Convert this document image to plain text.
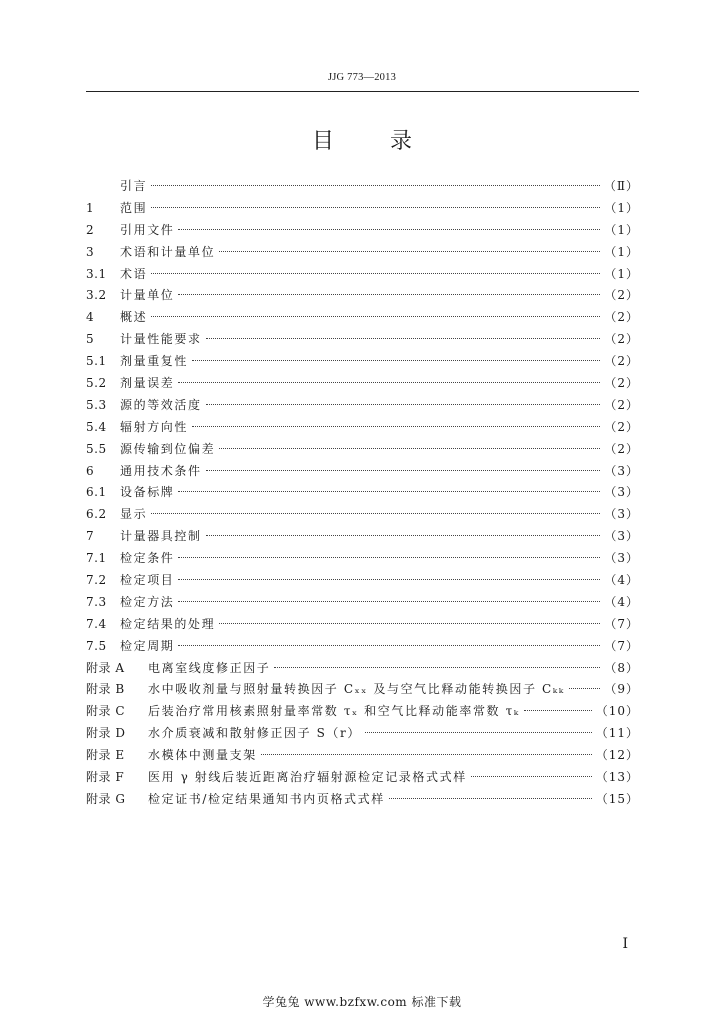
JJG 773—2013
目录
引言	（Ⅱ）
1	范围	（1）
2	引用文件	（1）
3	术语和计量单位	（1）
3.1	术语	（1）
3.2	计量单位	（2）
4	概述	（2）
5	计量性能要求	（2）
5.1	剂量重复性	（2）
5.2	剂量误差	（2）
5.3	源的等效活度	（2）
5.4	辐射方向性	（2）
5.5	源传输到位偏差	（2）
6	通用技术条件	（3）
6.1	设备标牌	（3）
6.2	显示	（3）
7	计量器具控制	（3）
7.1	检定条件	（3）
7.2	检定项目	（4）
7.3	检定方法	（4）
7.4	检定结果的处理	（7）
7.5	检定周期	（7）
附录 A	电离室线度修正因子	（8）
附录 B	水中吸收剂量与照射量转换因子 Cₓₓ 及与空气比释动能转换因子 Cₖₖ	（9）
附录 C	后装治疗常用核素照射量率常数 τₓ 和空气比释动能率常数 τₖ	（10）
附录 D	水介质衰减和散射修正因子 S（r）	（11）
附录 E	水模体中测量支架	（12）
附录 F	医用 γ 射线后装近距离治疗辐射源检定记录格式式样	（13）
附录 G	检定证书/检定结果通知书内页格式式样	（15）
I
学兔兔 www.bzfxw.com 标准下载
